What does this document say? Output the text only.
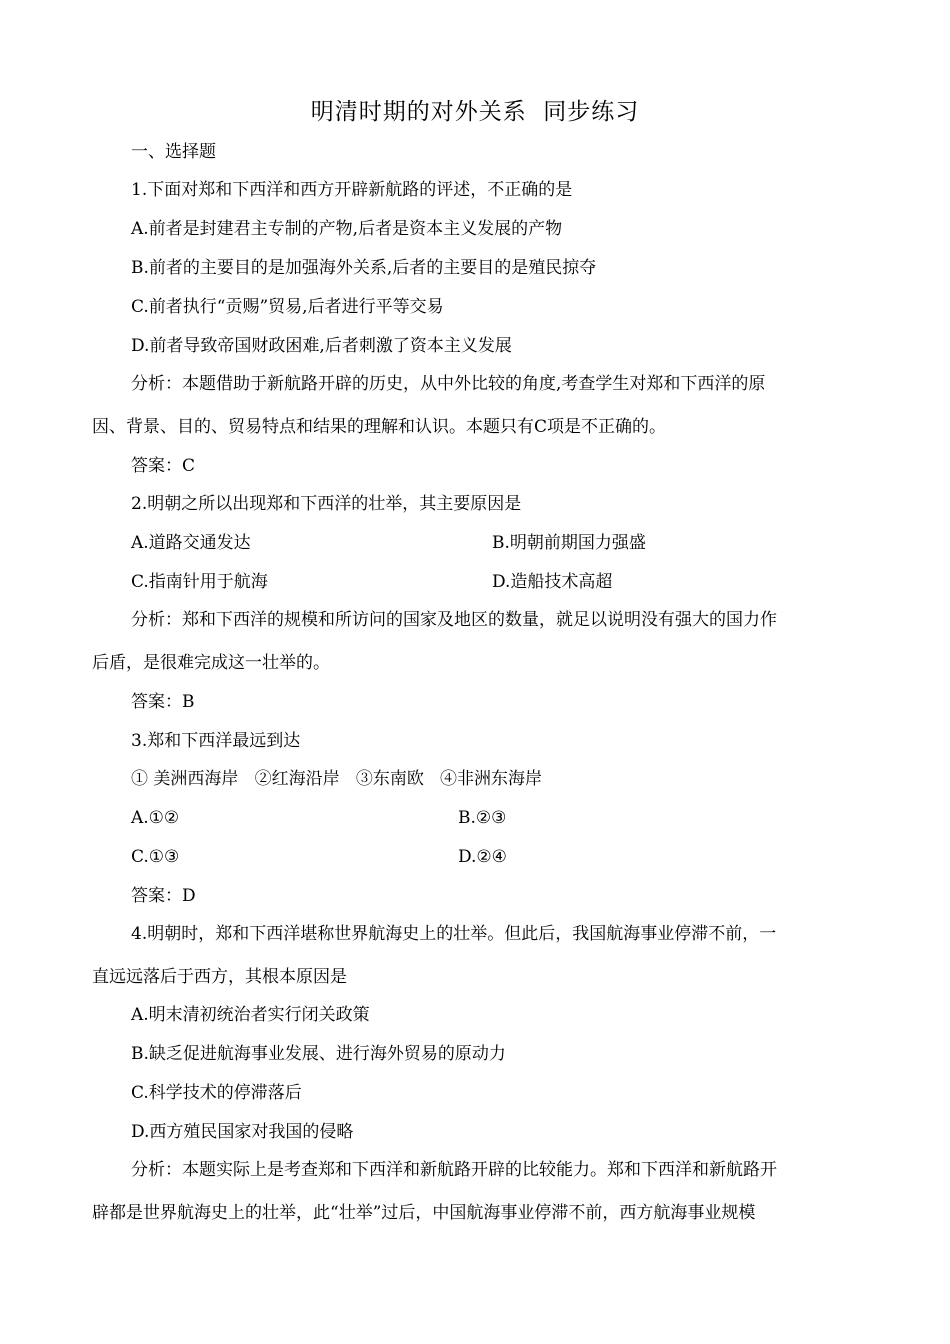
明清时期的对外关系  同步练习
一、选择题
1.下面对郑和下西洋和西方开辟新航路的评述，不正确的是
A.前者是封建君主专制的产物,后者是资本主义发展的产物
B.前者的主要目的是加强海外关系,后者的主要目的是殖民掠夺
C.前者执行“贡赐”贸易,后者进行平等交易
D.前者导致帝国财政困难,后者刺激了资本主义发展
分析：本题借助于新航路开辟的历史，从中外比较的角度,考查学生对郑和下西洋的原
因、背景、目的、贸易特点和结果的理解和认识。本题只有C项是不正确的。
答案：C
2.明朝之所以出现郑和下西洋的壮举，其主要原因是
A.道路交通发达	B.明朝前期国力强盛
C.指南针用于航海	D.造船技术高超
分析：郑和下西洋的规模和所访问的国家及地区的数量，就足以说明没有强大的国力作
后盾，是很难完成这一壮举的。
答案：B
3.郑和下西洋最远到达
① 美洲西海岸   ②红海沿岸   ③东南欧   ④非洲东海岸
A.①②	B.②③
C.①③	D.②④
答案：D
4.明朝时，郑和下西洋堪称世界航海史上的壮举。但此后，我国航海事业停滞不前，一
直远远落后于西方，其根本原因是
A.明末清初统治者实行闭关政策
B.缺乏促进航海事业发展、进行海外贸易的原动力
C.科学技术的停滞落后
D.西方殖民国家对我国的侵略
分析：本题实际上是考查郑和下西洋和新航路开辟的比较能力。郑和下西洋和新航路开
辟都是世界航海史上的壮举，此“壮举”过后，中国航海事业停滞不前，西方航海事业规模
